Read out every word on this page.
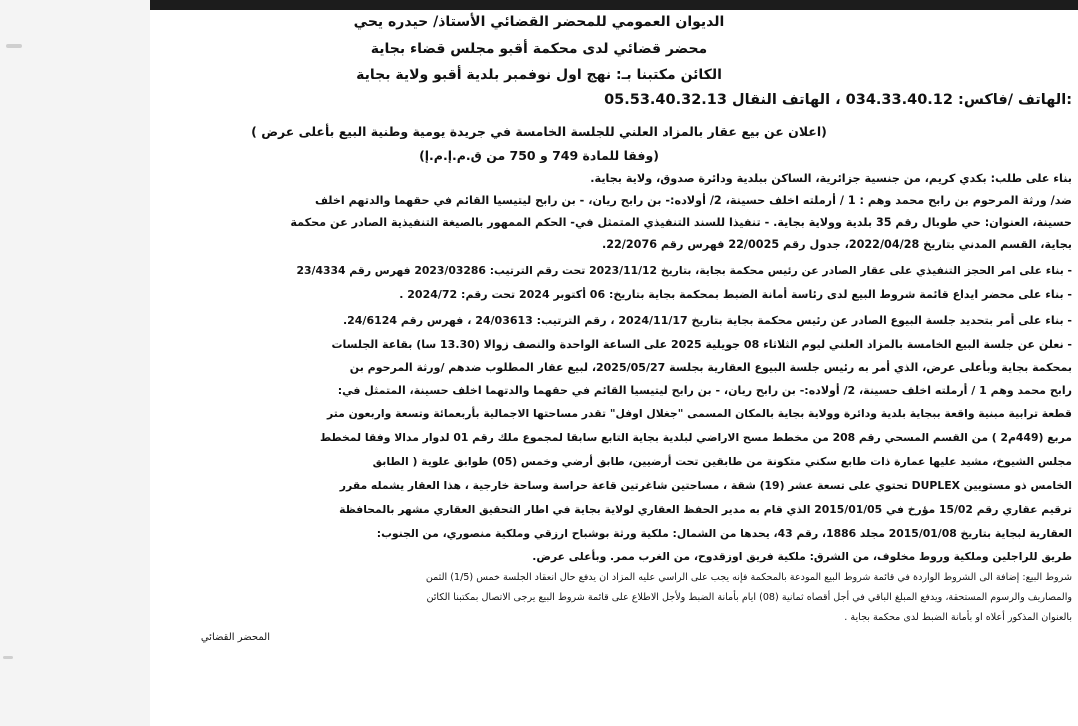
الديوان العمومي للمحضر القضائي الأستاذ/ حيدره يحي
محضر قضائي لدى محكمة أقبو مجلس قضاء بجاية
الكائن مكتبنا بـ: نهج اول نوفمبر بلدية أقبو ولاية بجاية
:الهاتف /فاكس: 034.33.40.12 ، الهاتف النقال 05.53.40.32.13
(اعلان عن بيع عقار بالمزاد العلني للجلسة الخامسة في جريدة يومية وطنية البيع بأعلى عرض )
(وفقا للمادة 749 و 750 من ق.م.إ.م.إ)
بناء على طلب: بكدي كريم، من جنسية جزائرية، الساكن ببلدية ودائرة صدوق، ولاية بجاية.
ضد/ ورثة المرحوم بن رابح محمد وهم : 1 / أرملته اخلف حسينة، 2/ أولاده:- بن رابح ريان، - بن رابح ليتيسيا القائم في حقهما والدتهم اخلف
حسينة، العنوان: حي طوبال رقم 35 بلدية وولاية بجاية. - تنفيذا للسند التنفيذي المتمثل في- الحكم الممهور بالصيغة التنفيذية الصادر عن محكمة
بجاية، القسم المدني بتاريخ 2022/04/28، جدول رقم 22/0025 فهرس رقم 22/2076.
- بناء على امر الحجز التنفيذي على عقار الصادر عن رئيس محكمة بجاية، بتاريخ 2023/11/12 تحت رقم الترتيب: 2023/03286 فهرس رقم 23/4334
- بناء على محضر ايداع قائمة شروط البيع لدى رئاسة أمانة الضبط بمحكمة بجاية بتاريخ: 06 أكتوبر 2024 تحت رقم: 2024/72 .
- بناء على أمر بتحديد جلسة البيوع الصادر عن رئيس محكمة بجاية بتاريخ 2024/11/17 ، رقم الترتيب: 24/03613 ، فهرس رقم 24/6124.
- نعلن عن جلسة البيع الخامسة بالمزاد العلني ليوم الثلاثاء 08 جويلية 2025 على الساعة الواحدة والنصف زوالا (13.30 سا) بقاعة الجلسات
بمحكمة بجاية وبأعلى عرض، الذي أمر به رئيس جلسة البيوع العقارية بجلسة 2025/05/27، لبيع عقار المطلوب ضدهم /ورثة المرحوم بن
رابح محمد وهم 1 / أرملته اخلف حسينة، 2/ أولاده:- بن رابح ريان، - بن رابح ليتيسيا القائم في حقهما والدتهما اخلف حسينة، المتمثل في:
قطعة ترابية مبنية واقعة ببجاية بلدية ودائرة وولاية بجاية بالمكان المسمى "جغلال اوفل" تقدر مساحتها الاجمالية بأربعمائة وتسعة واربعون متر
مربع (449م2 ) من القسم المسحي رقم 208 من مخطط مسح الاراضي لبلدية بجاية التابع سابقا لمجموع ملك رقم 01 لدوار مدالا وفقا لمخطط
مجلس الشيوخ، مشيد عليها عمارة ذات طابع سكني متكونة من طابقين تحت أرضيين، طابق أرضي وخمس (05) طوابق علوية ( الطابق
الخامس ذو مستويين DUPLEX تحتوي على تسعة عشر (19) شقة ، مساحتين شاغرتين قاعة حراسة وساحة خارجية ، هذا العقار يشمله مقرر
ترقيم عقاري رقم 15/02 مؤرخ في 2015/01/05 الذي قام به مدير الحفظ العقاري لولاية بجاية في اطار التحقيق العقاري مشهر بالمحافظة
العقارية لبجاية بتاريخ 2015/01/08 مجلد 1886، رقم 43، يحدها من الشمال: ملكية ورثة بوشباح ارزقي وملكية منصوري، من الجنوب:
طريق للراجلين وملكية وروط مخلوف، من الشرق: ملكية فريق اوزقدوح، من الغرب ممر. وبأعلى عرض.
شروط البيع: إضافة الى الشروط الواردة في قائمة شروط البيع المودعة بالمحكمة فإنه يجب على الراسي عليه المزاد ان يدفع حال انعقاد الجلسة خمس (1/5) الثمن
والمصاريف والرسوم المستحقة، ويدفع المبلغ الباقي في أجل أقصاه ثمانية (08) ايام بأمانة الضبط ولأجل الاطلاع على قائمة شروط البيع يرجى الاتصال بمكتبنا الكائن
بالعنوان المذكور أعلاه او بأمانة الضبط لدى محكمة بجاية .
المحضر القضائي
